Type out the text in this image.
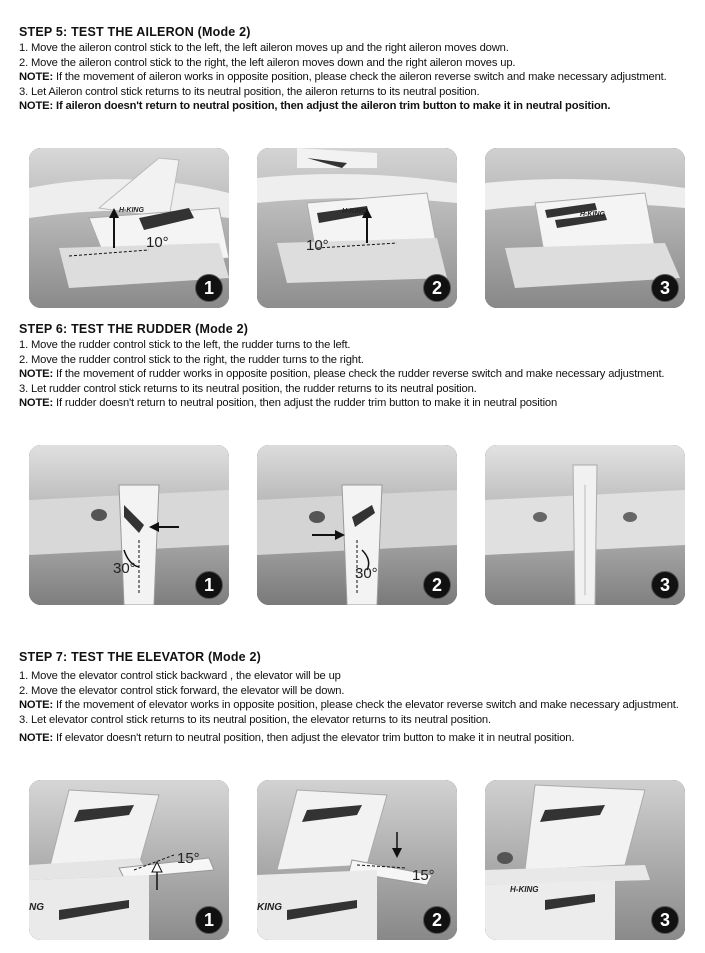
STEP 5: TEST THE AILERON (Mode 2)

1. Move the aileron control stick to the left, the left aileron moves up and the right aileron moves down.

2. Move the aileron control stick to the right, the left aileron moves down and the right aileron moves up.

NOTE: If the movement of aileron works in opposite position, please check the aileron reverse switch and make necessary adjustment.

3. Let Aileron control stick returns to its neutral position, the aileron returns to its neutral position.

NOTE: If aileron doesn't return to neutral position, then adjust the aileron trim button to make it in neutral position.

H-KING
10°
1
H-KING
10°
2
H-KING
3

STEP 6: TEST THE RUDDER (Mode 2)

1. Move the rudder control stick to the left, the rudder turns to the left.

2. Move the rudder control stick to the right, the rudder turns to the right.

NOTE: If the movement of rudder works in opposite position, please check the rudder reverse switch and make necessary adjustment.

3. Let rudder control stick returns to its neutral position, the rudder returns to its neutral position.

NOTE: If rudder doesn't return to neutral position, then adjust the rudder trim button to make it in neutral position

30°
1
30°
2	3

STEP 7: TEST THE ELEVATOR (Mode 2)

1. Move the elevator control stick backward , the elevator will be up

2. Move the elevator control stick forward, the elevator will be down.

NOTE: If the movement of elevator works in opposite position, please check the elevator reverse switch and make necessary adjustment.

3. Let elevator control stick returns to its neutral position, the elevator returns to its neutral position.

NOTE: If elevator doesn't return to neutral position, then adjust the elevator trim button to make it in neutral position.

NG
15°
1
KING
15°
2
H-KING
3
